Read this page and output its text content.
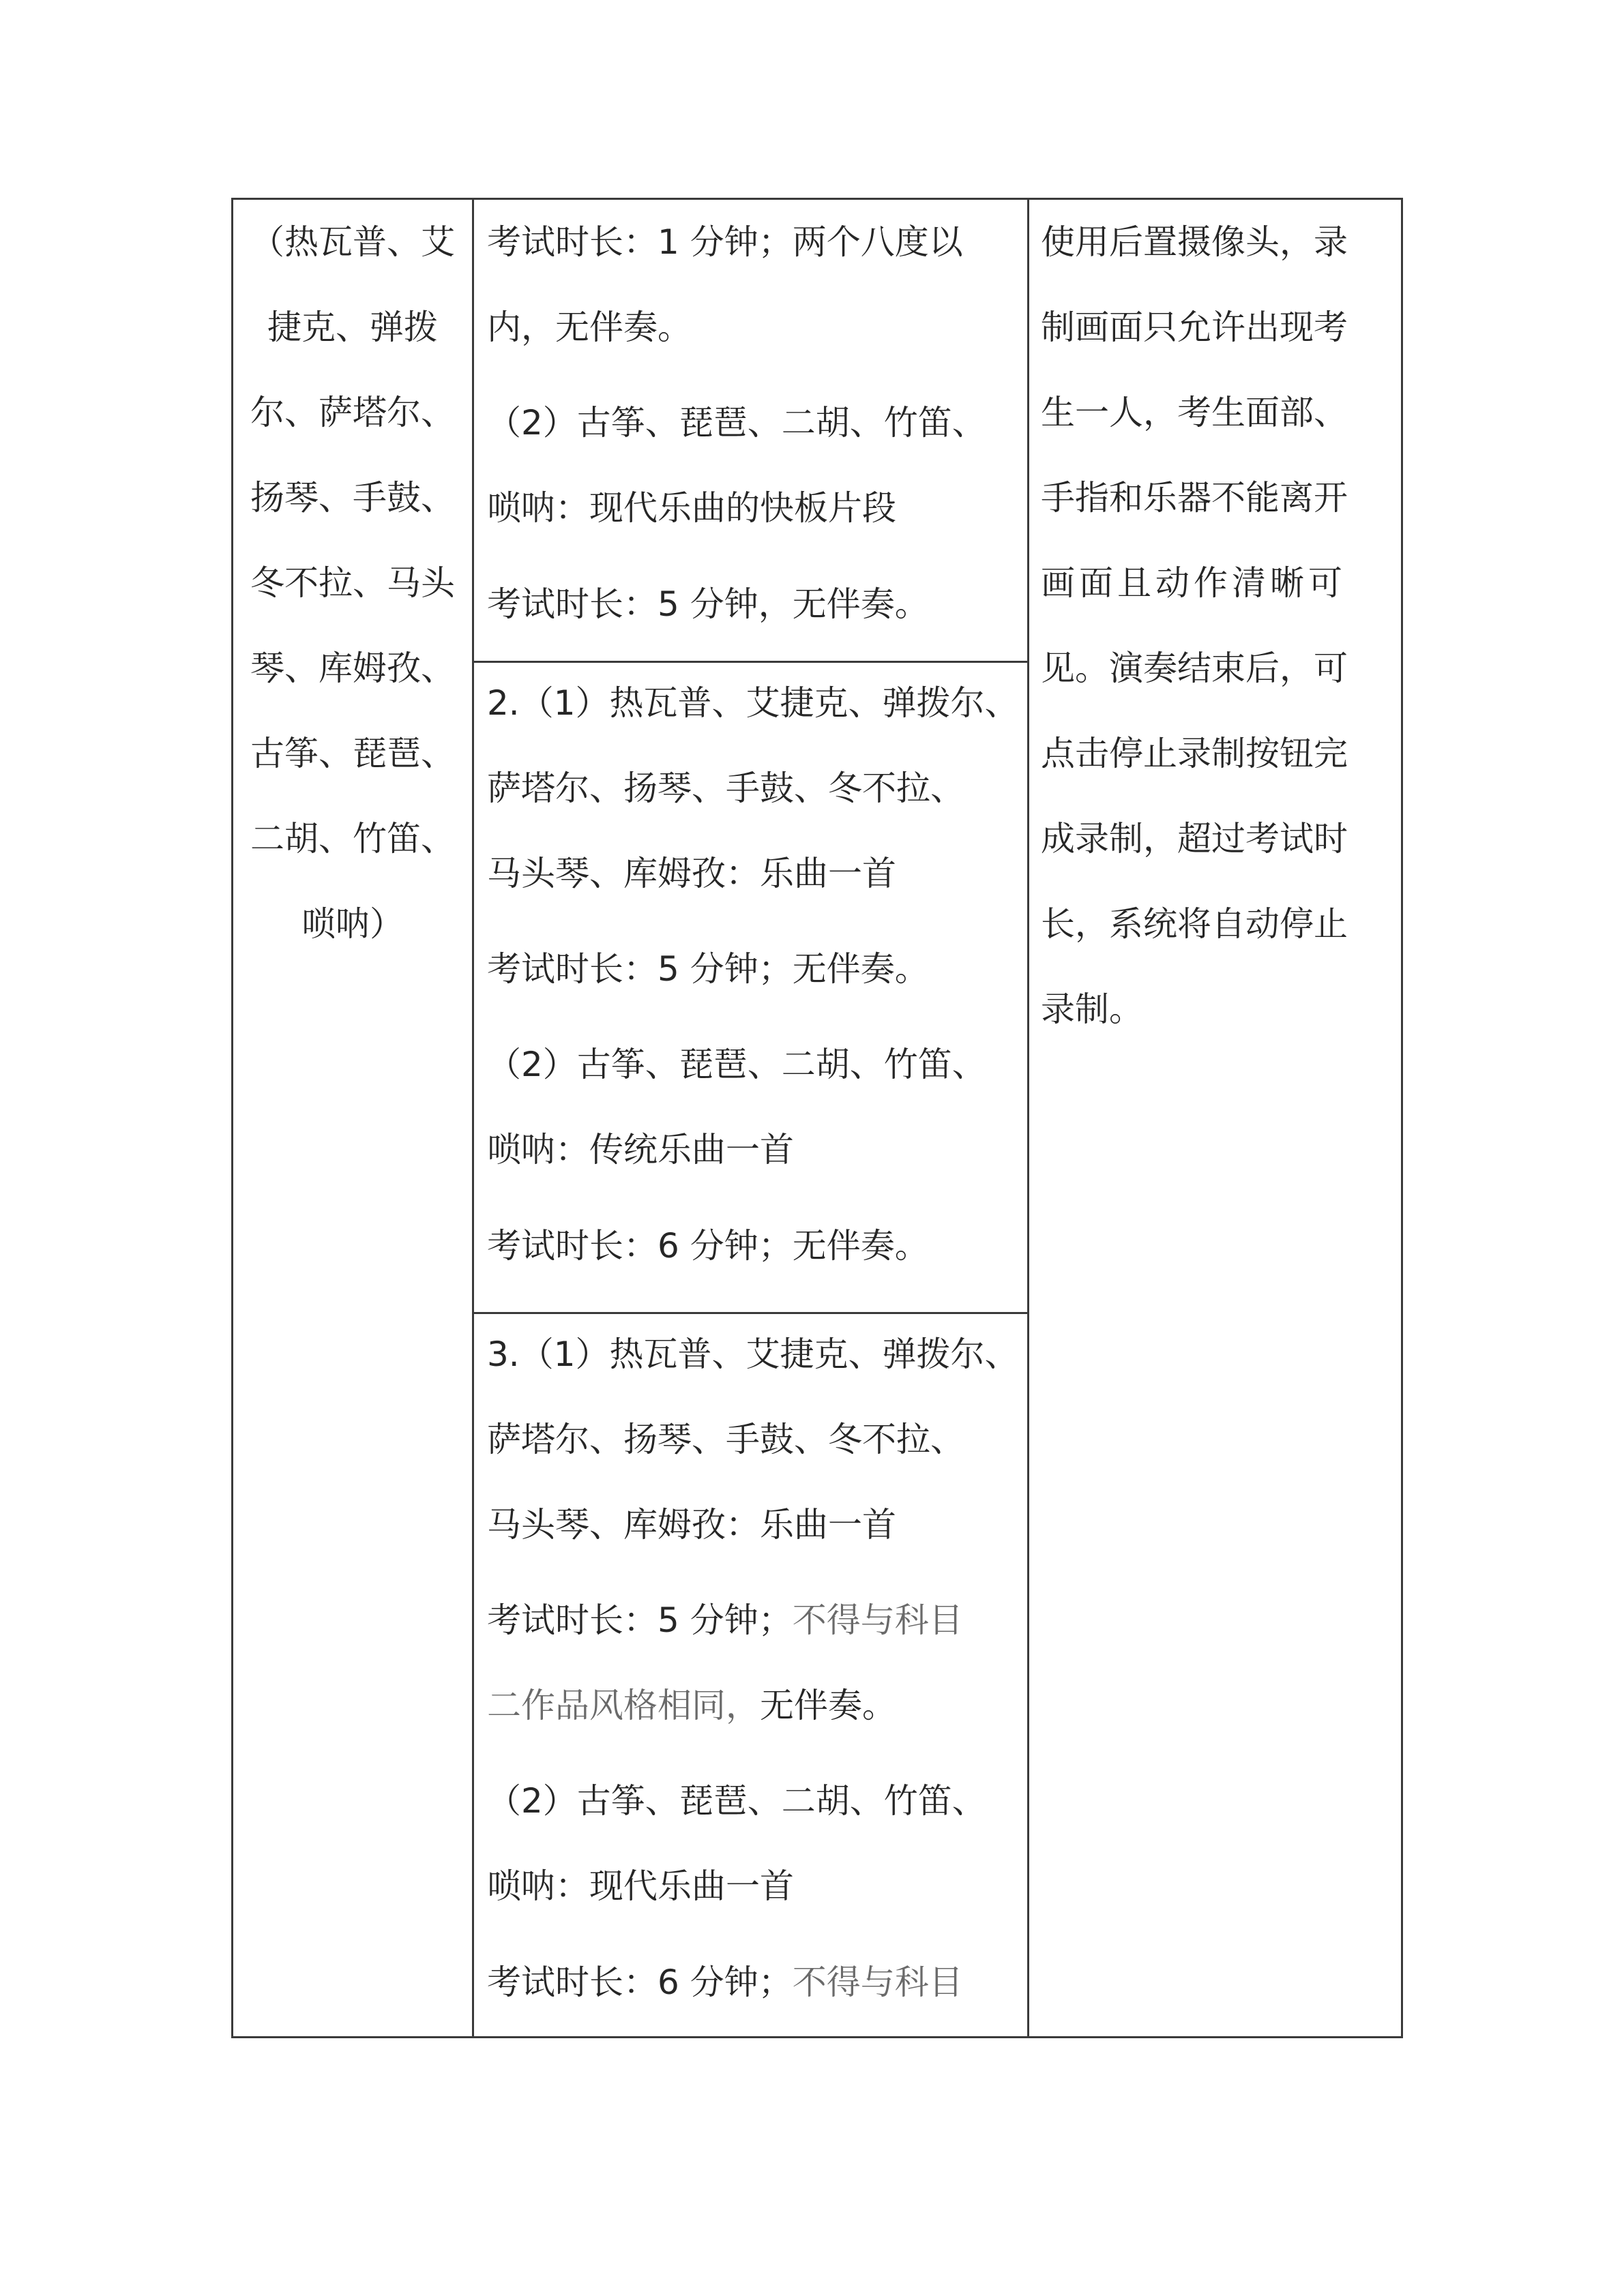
（热瓦普、艾
捷克、弹拨
尔、萨塔尔、
扬琴、手鼓、
冬不拉、马头
琴、库姆孜、
古筝、琵琶、
二胡、竹笛、
唢呐）
考试时长：1 分钟；两个八度以
内，无伴奏。
（2）古筝、琵琶、二胡、竹笛、
唢呐：现代乐曲的快板片段
考试时长：5 分钟，无伴奏。
2.（1）热瓦普、艾捷克、弹拨尔、
萨塔尔、扬琴、手鼓、冬不拉、
马头琴、库姆孜：乐曲一首
考试时长：5 分钟；无伴奏。
（2）古筝、琵琶、二胡、竹笛、
唢呐：传统乐曲一首
考试时长：6 分钟；无伴奏。
3.（1）热瓦普、艾捷克、弹拨尔、
萨塔尔、扬琴、手鼓、冬不拉、
马头琴、库姆孜：乐曲一首
考试时长：5 分钟；不得与科目
二作品风格相同，无伴奏。
（2）古筝、琵琶、二胡、竹笛、
唢呐：现代乐曲一首
考试时长：6 分钟；不得与科目
使用后置摄像头，录
制画面只允许出现考
生一人，考生面部、
手指和乐器不能离开
画面且动作清晰可
见。演奏结束后，可
点击停止录制按钮完
成录制，超过考试时
长，系统将自动停止
录制。
